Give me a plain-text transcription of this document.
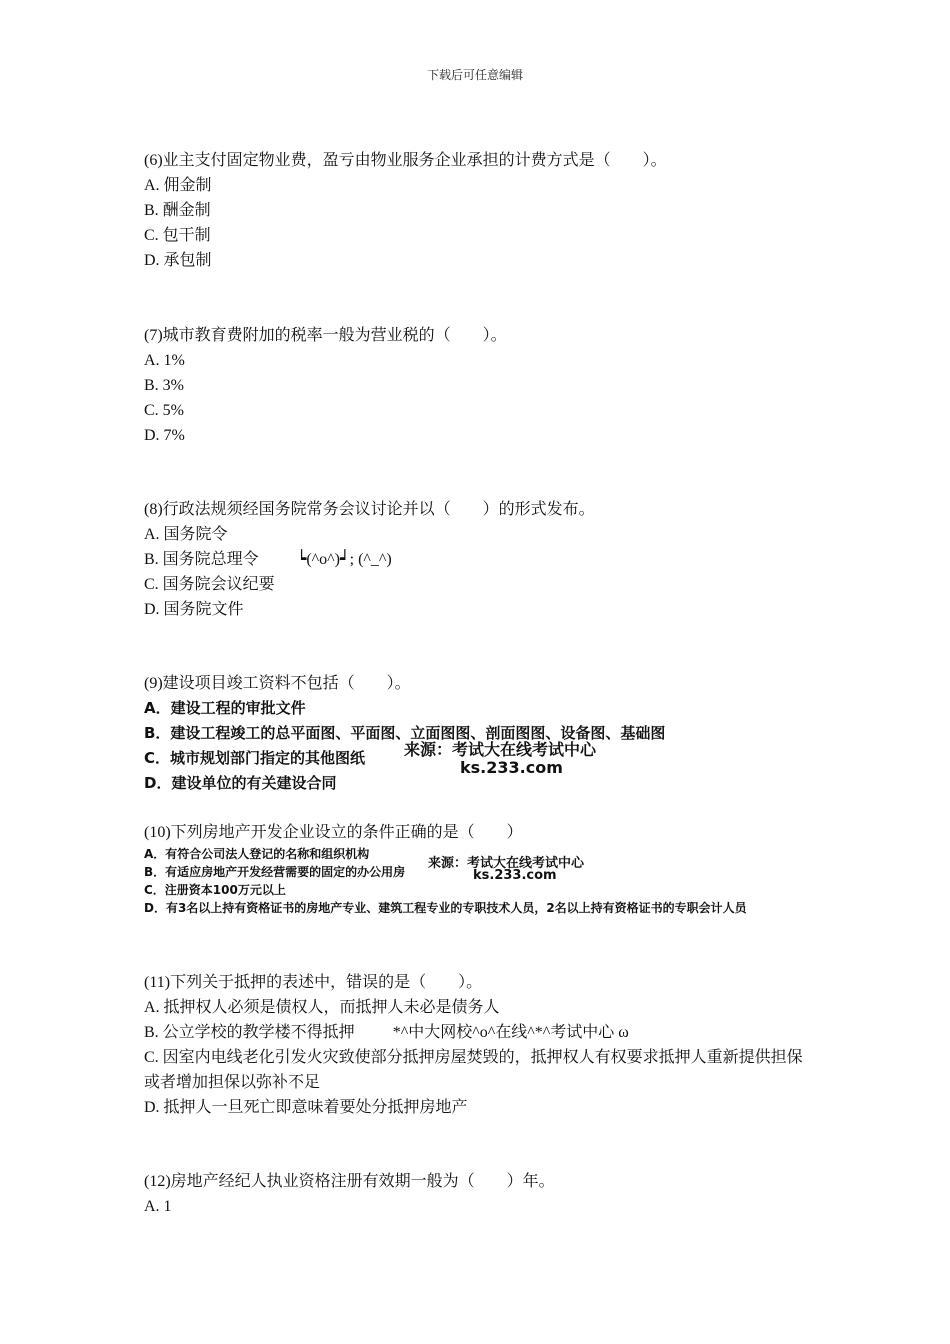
下载后可任意编辑
(6)业主支付固定物业费，盈亏由物业服务企业承担的计费方式是（　　）。
A. 佣金制
B. 酬金制
C. 包干制
D. 承包制
(7)城市教育费附加的税率一般为营业税的（　　）。
A. 1%
B. 3%
C. 5%
D. 7%
(8)行政法规须经国务院常务会议讨论并以（　　）的形式发布。
A. 国务院令
B. 国务院总理令 ┕(^o^)┙; (^_^)
C. 国务院会议纪要
D. 国务院文件
(9)建设项目竣工资料不包括（　　）。
A．建设工程的审批文件
B．建设工程竣工的总平面图、平面图、立面图图、剖面图图、设备图、基础图
C．城市规划部门指定的其他图纸
D．建设单位的有关建设合同
来源：考试大在线考试中心
ks.233.com
(10)下列房地产开发企业设立的条件正确的是（　　）
A．有符合公司法人登记的名称和组织机构
B．有适应房地产开发经营需要的固定的办公用房
C．注册资本100万元以上
D．有3名以上持有资格证书的房地产专业、建筑工程专业的专职技术人员，2名以上持有资格证书的专职会计人员
来源：考试大在线考试中心
ks.233.com
(11)下列关于抵押的表述中，错误的是（　　）。
A. 抵押权人必须是债权人，而抵押人未必是债务人
B. 公立学校的教学楼不得抵押 *^中大网校^o^在线^*^考试中心 ω
C. 因室内电线老化引发火灾致使部分抵押房屋焚毁的，抵押权人有权要求抵押人重新提供担保或者增加担保以弥补不足
D. 抵押人一旦死亡即意味着要处分抵押房地产
(12)房地产经纪人执业资格注册有效期一般为（　　）年。
A. 1
